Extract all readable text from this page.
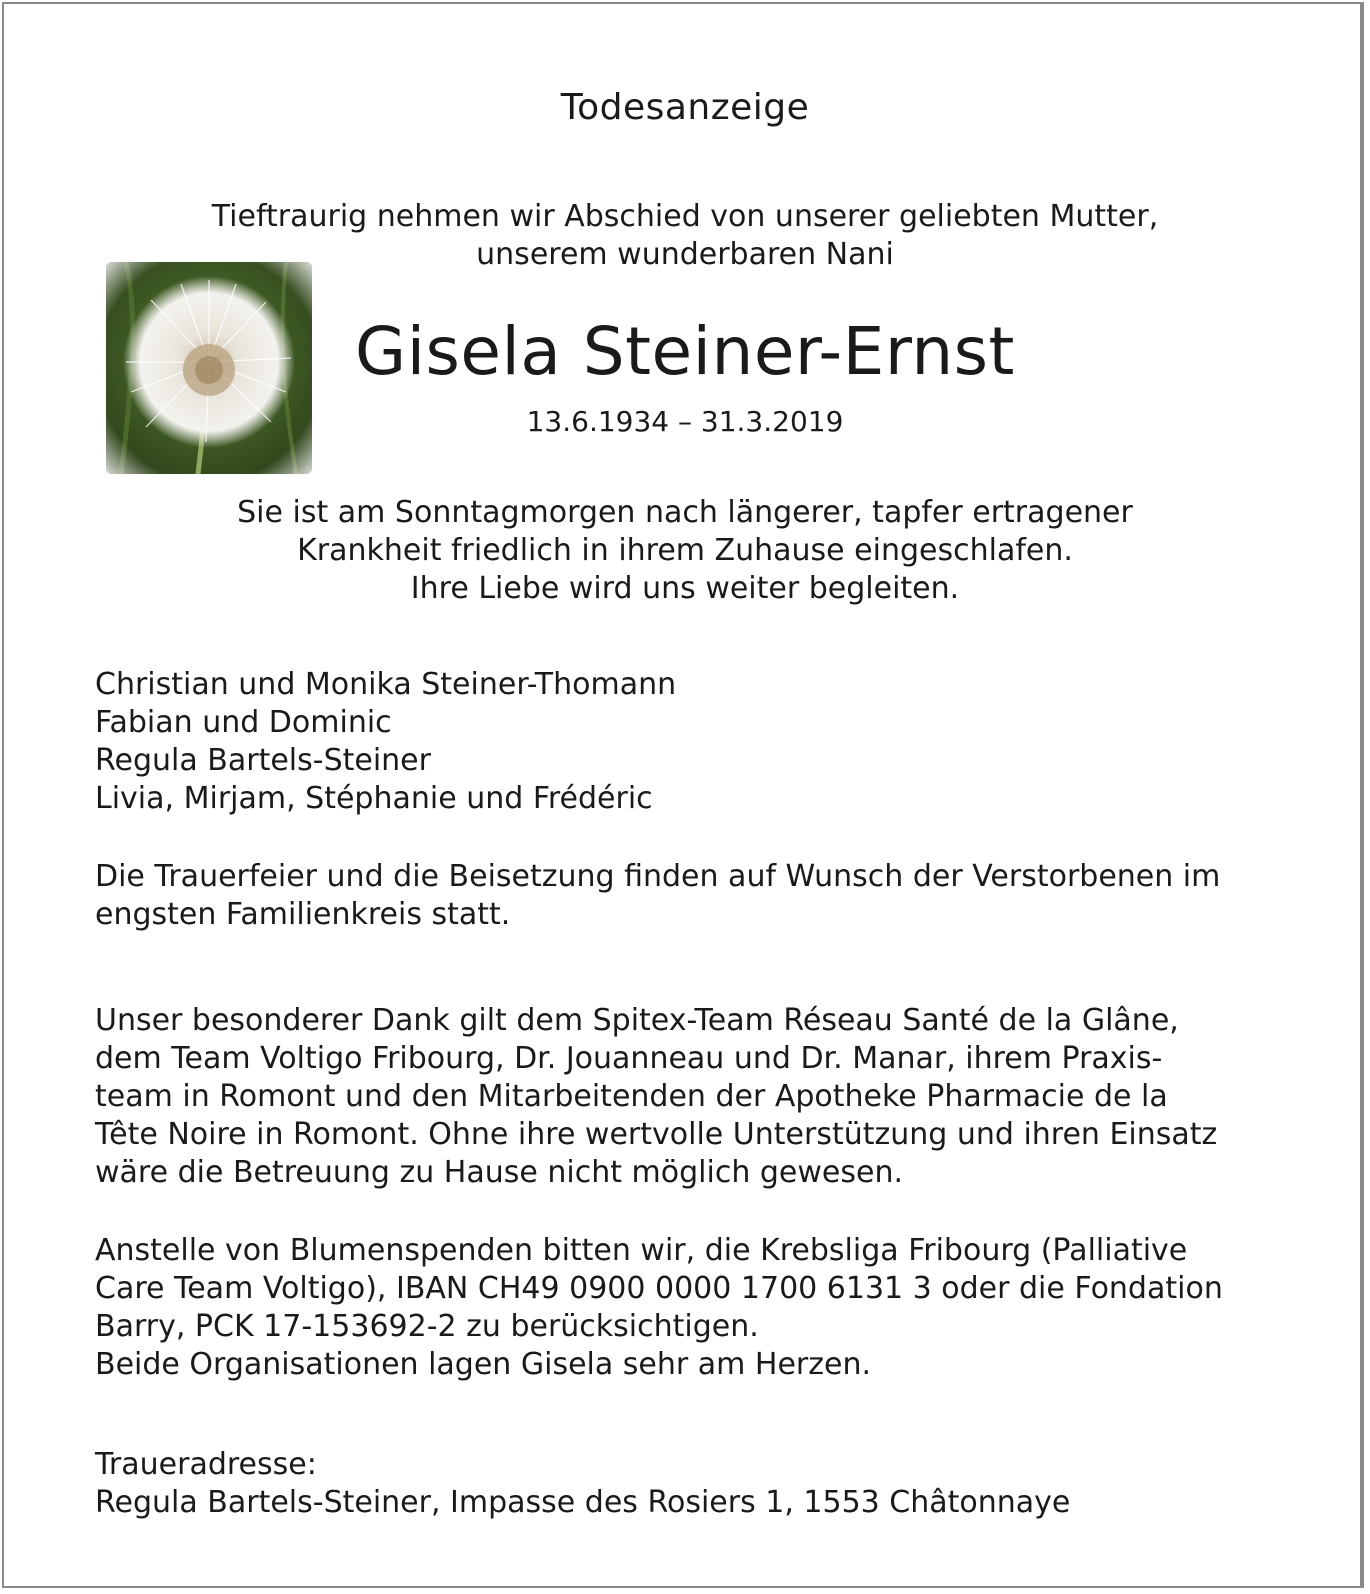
Todesanzeige
Tieftraurig nehmen wir Abschied von unserer geliebten Mutter,
unserem wunderbaren Nani
Gisela Steiner-Ernst
13.6.1934 – 31.3.2019
Sie ist am Sonntagmorgen nach längerer, tapfer ertragener
Krankheit friedlich in ihrem Zuhause eingeschlafen.
Ihre Liebe wird uns weiter begleiten.
Christian und Monika Steiner-Thomann
Fabian und Dominic
Regula Bartels-Steiner
Livia, Mirjam, Stéphanie und Frédéric
Die Trauerfeier und die Beisetzung finden auf Wunsch der Verstorbenen im
engsten Familienkreis statt.
Unser besonderer Dank gilt dem Spitex-Team Réseau Santé de la Glâne,
dem Team Voltigo Fribourg, Dr. Jouanneau und Dr. Manar, ihrem Praxis-
team in Romont und den Mitarbeitenden der Apotheke Pharmacie de la
Tête Noire in Romont. Ohne ihre wertvolle Unterstützung und ihren Einsatz
wäre die Betreuung zu Hause nicht möglich gewesen.
Anstelle von Blumenspenden bitten wir, die Krebsliga Fribourg (Palliative
Care Team Voltigo), IBAN CH49 0900 0000 1700 6131 3 oder die Fondation
Barry, PCK 17-153692-2 zu berücksichtigen.
Beide Organisationen lagen Gisela sehr am Herzen.
Traueradresse:
Regula Bartels-Steiner, Impasse des Rosiers 1, 1553 Châtonnaye
